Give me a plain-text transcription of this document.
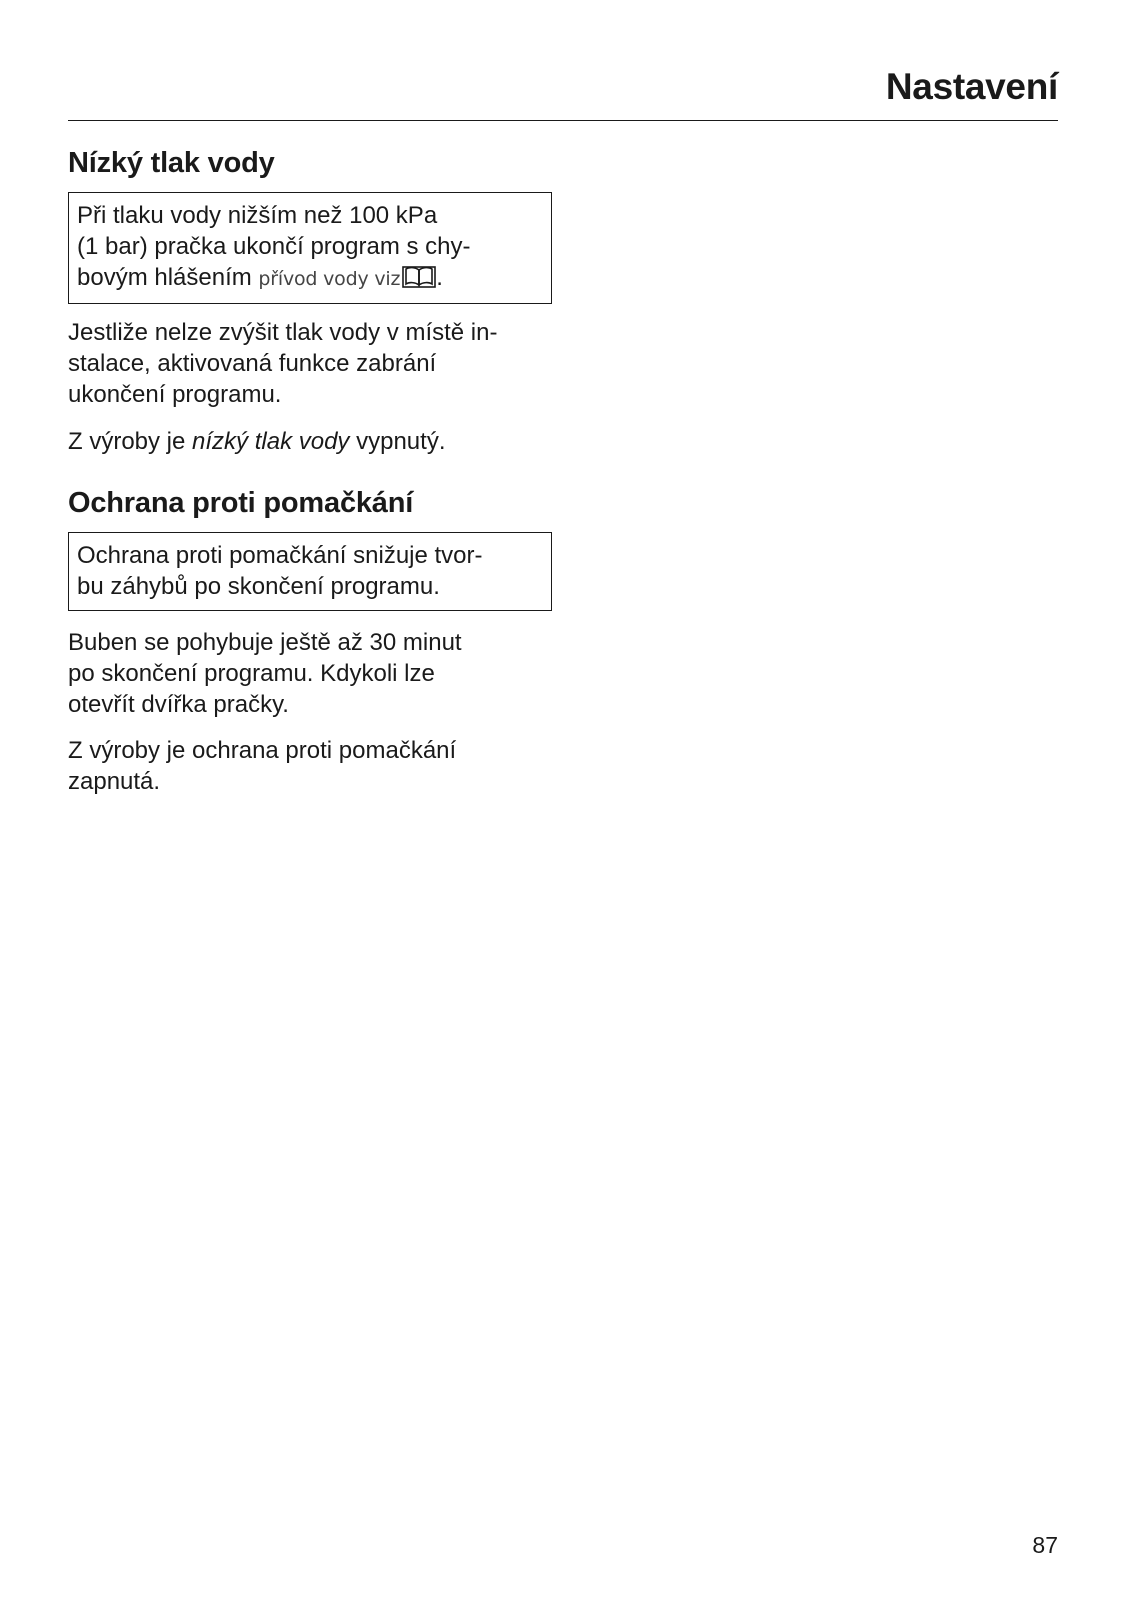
Nastavení
Nízký tlak vody
Při tlaku vody nižším než 100 kPa
(1 bar) pračka ukončí program s chy-
bovým hlášením přívod vody viz  .

Jestliže nelze zvýšit tlak vody v místě in-
stalace, aktivovaná funkce zabrání
ukončení programu.

Z výroby je nízký tlak vody vypnutý.

Ochrana proti pomačkání
Ochrana proti pomačkání snižuje tvor-
bu záhybů po skončení programu.

Buben se pohybuje ještě až 30 minut
po skončení programu. Kdykoli lze
otevřít dvířka pračky.

Z výroby je ochrana proti pomačkání
zapnutá.

87
